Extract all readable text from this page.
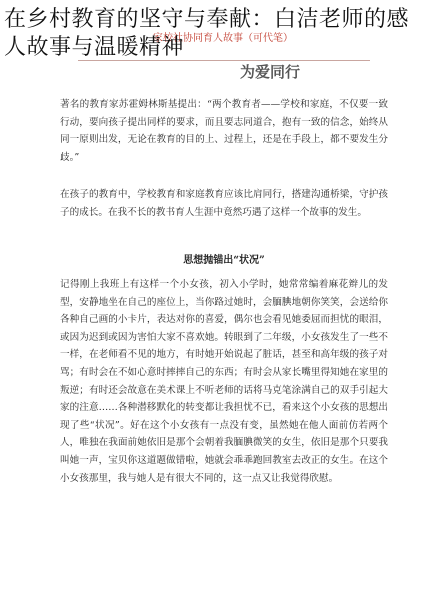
在乡村教育的坚守与奉献：白洁老师的感人故事与温暖精神
家校社协同育人故事（可代笔）
为爱同行

著名的教育家苏霍姆林斯基提出：“两个教育者——学校和家庭，不仅要一致行动，要向孩子提出同样的要求，而且要志同道合，抱有一致的信念，始终从同一原则出发，无论在教育的目的上、过程上，还是在手段上，都不要发生分歧。”

在孩子的教育中，学校教育和家庭教育应该比肩同行，搭建沟通桥梁，守护孩子的成长。在我不长的教书育人生涯中竟然巧遇了这样一个故事的发生。

思想抛锚出“状况”

记得刚上我班上有这样一个小女孩，初入小学时，她常常编着麻花辫儿的发型，安静地坐在自己的座位上，当你路过她时，会腼腆地朝你笑笑，会送给你各种自己画的小卡片，表达对你的喜爱，偶尔也会看见她委屈而担忧的眼泪，或因为迟到或因为害怕大家不喜欢她。转眼到了二年级，小女孩发生了一些不一样，在老师看不见的地方，有时她开始说起了脏话，甚至和高年级的孩子对骂；有时会在不如心意时摔摔自己的东西；有时会从家长嘴里得知她在家里的叛逆；有时还会故意在美术课上不听老师的话将马克笔涂满自己的双手引起大家的注意……各种潜移默化的转变都让我担忧不已，看来这个小女孩的思想出现了些“状况”。好在这个小女孩有一点没有变，虽然她在他人面前仿若两个人，唯独在我面前她依旧是那个会朝着我腼腆微笑的女生，依旧是那个只要我叫她一声，宝贝你这道题做错啦，她就会乖乖跑回教室去改正的女生。在这个小女孩那里，我与她人是有很大不同的，这一点又让我觉得欣慰。
